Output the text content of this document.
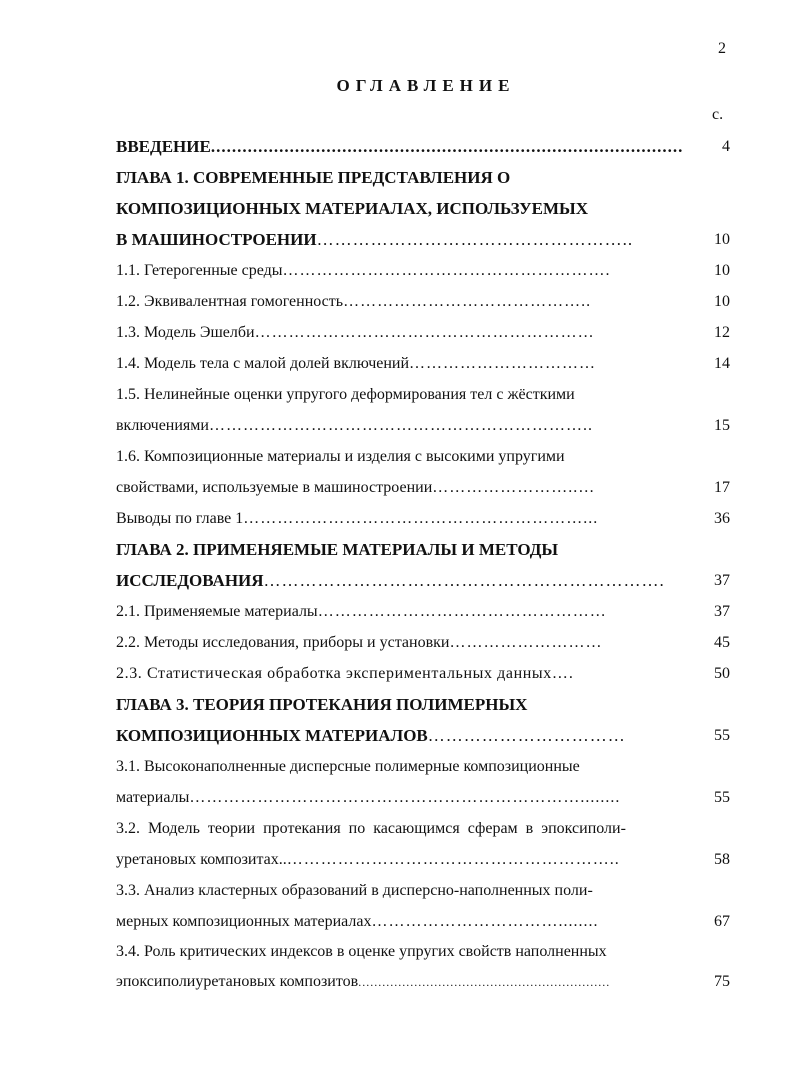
2
ОГЛАВЛЕНИЕ
с.
ВВЕДЕНИЕ..........................................................................................	4
ГЛАВА 1. СОВРЕМЕННЫЕ ПРЕДСТАВЛЕНИЯ О
КОМПОЗИЦИОННЫХ МАТЕРИАЛАХ, ИСПОЛЬЗУЕМЫХ
В МАШИНОСТРОЕНИИ……………………………………………..	10
1.1. Гетерогенные среды………………………………………………….	10
1.2. Эквивалентная гомогенность……………………………………..	10
1.3. Модель Эшелби……………………………………………………	12
1.4. Модель тела с малой долей включений……………………………	14
1.5. Нелинейные оценки упругого деформирования тел с жёсткими
включениями…………………………………………………………..	15
1.6. Композиционные материалы и изделия с высокими упругими
свойствами, используемые в машиностроении……………………..…	17
Выводы по главе 1……………………………………………………...	36
ГЛАВА 2. ПРИМЕНЯЕМЫЕ МАТЕРИАЛЫ И МЕТОДЫ
ИССЛЕДОВАНИЯ………………………………………………………….	37
2.1. Применяемые материалы……………………………………………	37
2.2. Методы исследования, приборы и установки………………………	45
2.3. Статистическая обработка экспериментальных данных….	50
ГЛАВА 3. ТЕОРИЯ ПРОТЕКАНИЯ ПОЛИМЕРНЫХ
КОМПОЗИЦИОННЫХ МАТЕРИАЛОВ……………………………	55
3.1. Высоконаполненные дисперсные полимерные композиционные
материалы……………………………………………………………........	55
3.2. Модель теории протекания по касающимся сферам в эпоксиполи-
уретановых композитах..…………………………………………………..	58
3.3. Анализ кластерных образований в дисперсно-наполненных поли-
мерных композиционных материалах……………………………........	67
3.4. Роль критических индексов в оценке упругих свойств наполненных
эпоксиполиуретановых композитов...............................................................	75
